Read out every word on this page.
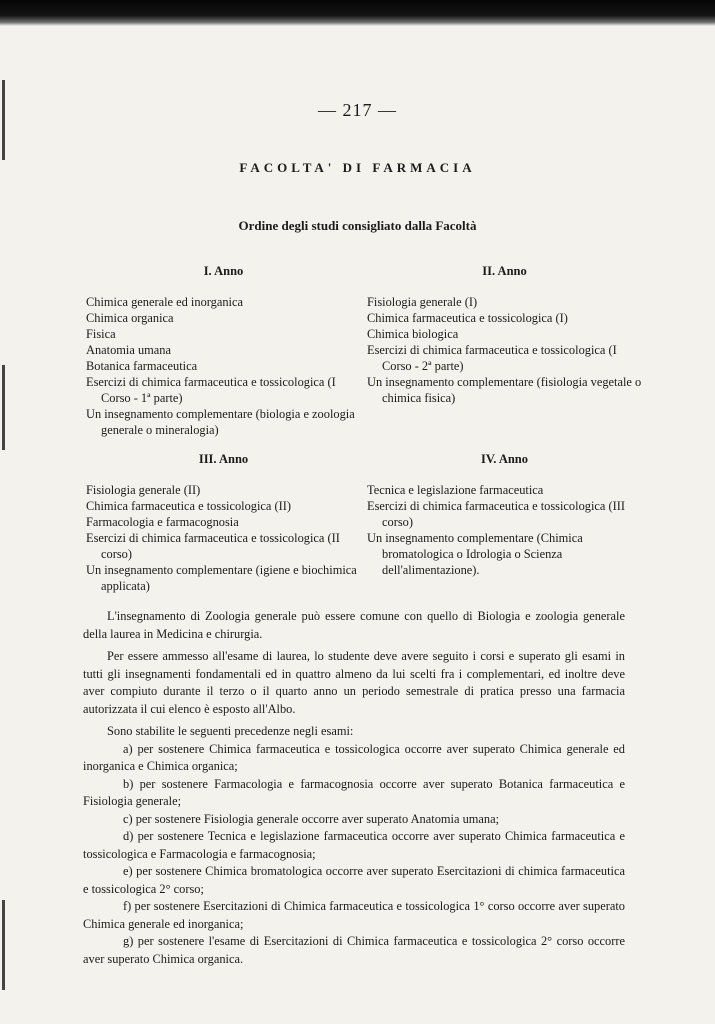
— 217 —
FACOLTA' DI FARMACIA
Ordine degli studi consigliato dalla Facoltà
I. Anno

Chimica generale ed inorganica

Chimica organica

Fisica

Anatomia umana

Botanica farmaceutica

Esercizi di chimica farmaceutica e tossicologica (I Corso - 1ª parte)

Un insegnamento complementare (biologia e zoologia generale o mineralogia)

II. Anno

Fisiologia generale (I)

Chimica farmaceutica e tossicologica (I)

Chimica biologica

Esercizi di chimica farmaceutica e tossicologica (I Corso - 2ª parte)

Un insegnamento complementare (fisiologia vegetale o chimica fisica)

III. Anno

Fisiologia generale (II)

Chimica farmaceutica e tossicologica (II)

Farmacologia e farmacognosia

Esercizi di chimica farmaceutica e tossicologica (II corso)

Un insegnamento complementare (igiene e biochimica applicata)

IV. Anno

Tecnica e legislazione farmaceutica

Esercizi di chimica farmaceutica e tossicologica (III corso)

Un insegnamento complementare (Chimica bromatologica o Idrologia o Scienza dell'alimentazione).

L'insegnamento di Zoologia generale può essere comune con quello di Biologia e zoologia generale della laurea in Medicina e chirurgia.

Per essere ammesso all'esame di laurea, lo studente deve avere seguito i corsi e superato gli esami in tutti gli insegnamenti fondamentali ed in quattro almeno da lui scelti fra i complementari, ed inoltre deve aver compiuto durante il terzo o il quarto anno un periodo semestrale di pratica presso una farmacia autorizzata il cui elenco è esposto all'Albo.

Sono stabilite le seguenti precedenze negli esami:

a) per sostenere Chimica farmaceutica e tossicologica occorre aver superato Chimica generale ed inorganica e Chimica organica;

b) per sostenere Farmacologia e farmacognosia occorre aver superato Botanica farmaceutica e Fisiologia generale;

c) per sostenere Fisiologia generale occorre aver superato Anatomia umana;

d) per sostenere Tecnica e legislazione farmaceutica occorre aver superato Chimica farmaceutica e tossicologica e Farmacologia e farmacognosia;

e) per sostenere Chimica bromatologica occorre aver superato Esercitazioni di chimica farmaceutica e tossicologica 2° corso;

f) per sostenere Esercitazioni di Chimica farmaceutica e tossicologica 1° corso occorre aver superato Chimica generale ed inorganica;

g) per sostenere l'esame di Esercitazioni di Chimica farmaceutica e tossicologica 2° corso occorre aver superato Chimica organica.
